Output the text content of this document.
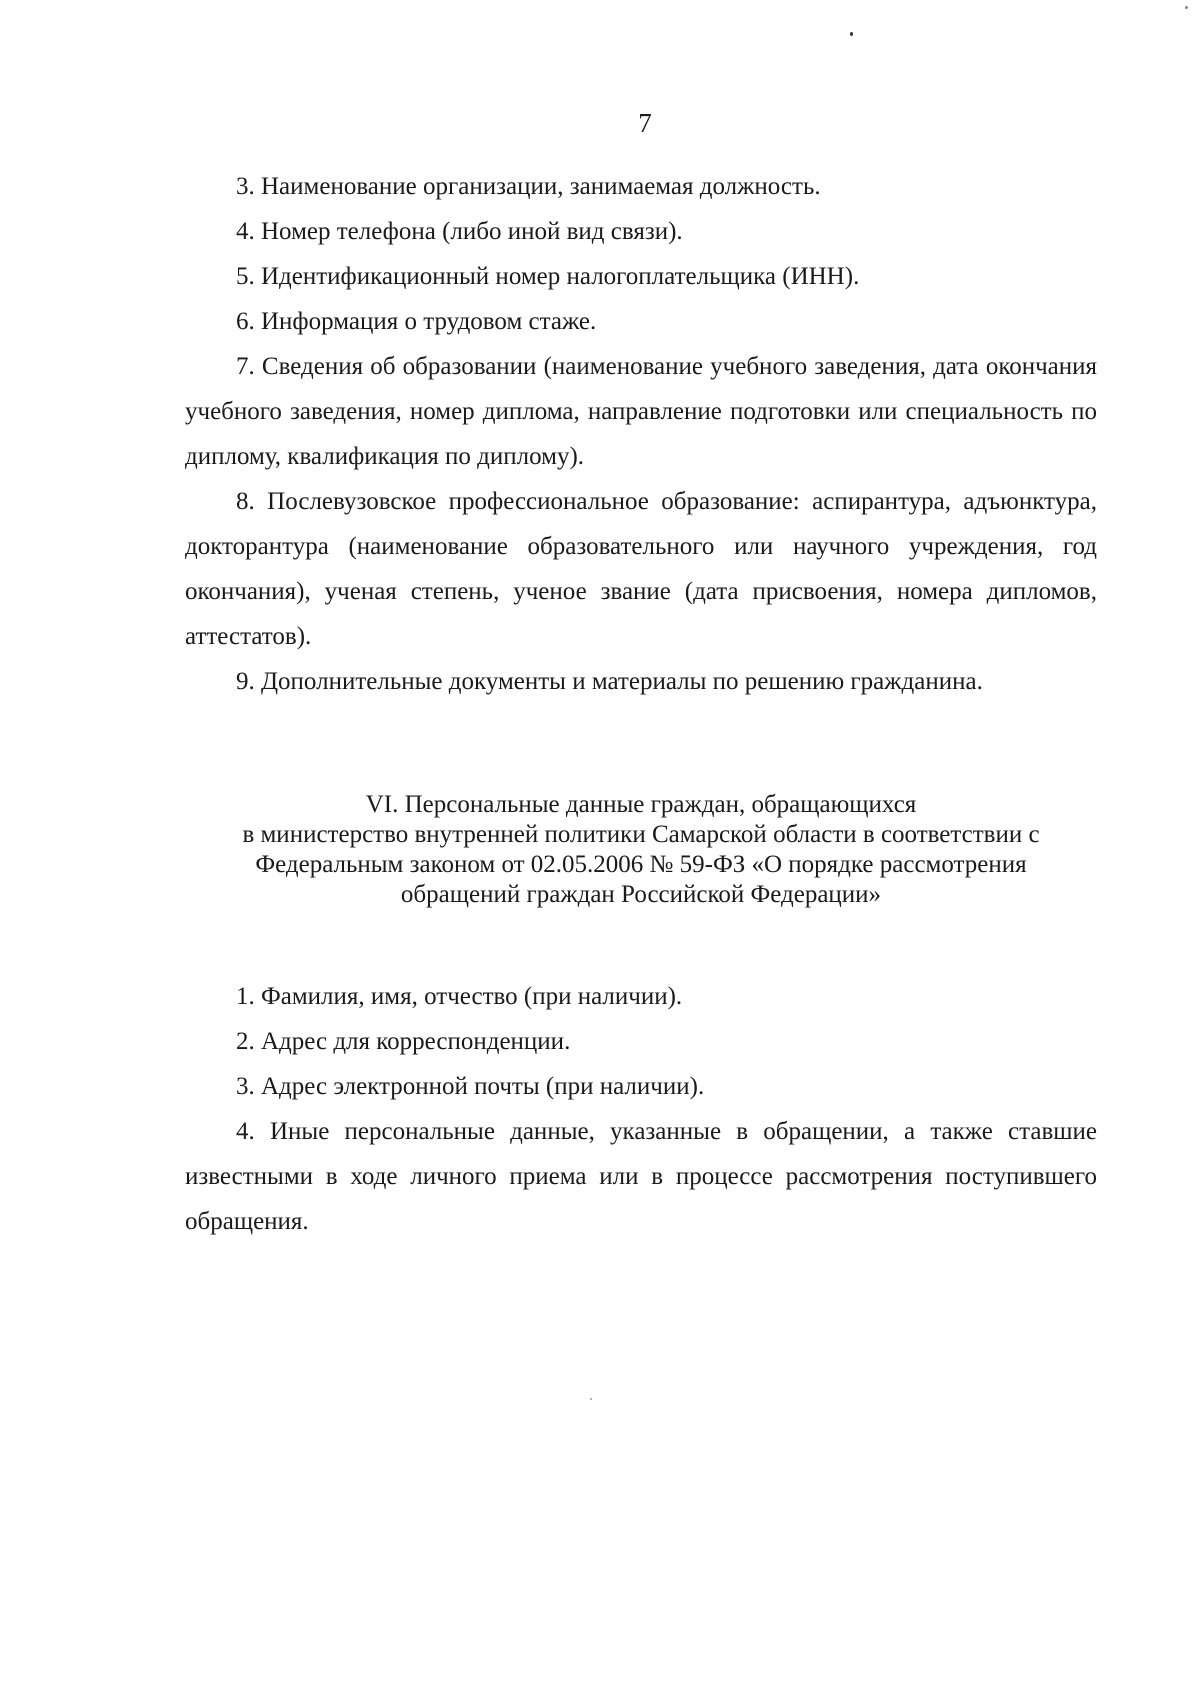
7

3. Наименование организации, занимаемая должность.

4. Номер телефона (либо иной вид связи).

5. Идентификационный номер налогоплательщика (ИНН).

6. Информация о трудовом стаже.

7. Сведения об образовании (наименование учебного заведения, дата окончания учебного заведения, номер диплома, направление подготовки или специальность по диплому, квалификация по диплому).

8. Послевузовское профессиональное образование: аспирантура, адъюнктура, докторантура (наименование образовательного или научного учреждения, год окончания), ученая степень, ученое звание (дата присвоения, номера дипломов, аттестатов).

9. Дополнительные документы и материалы по решению гражданина.

VI. Персональные данные граждан, обращающихся
в министерство внутренней политики Самарской области в соответствии с
Федеральным законом от 02.05.2006 № 59-ФЗ «О порядке рассмотрения
обращений граждан Российской Федерации»

1. Фамилия, имя, отчество (при наличии).

2. Адрес для корреспонденции.

3. Адрес электронной почты (при наличии).

4. Иные персональные данные, указанные в обращении, а также ставшие известными в ходе личного приема или в процессе рассмотрения поступившего обращения.
